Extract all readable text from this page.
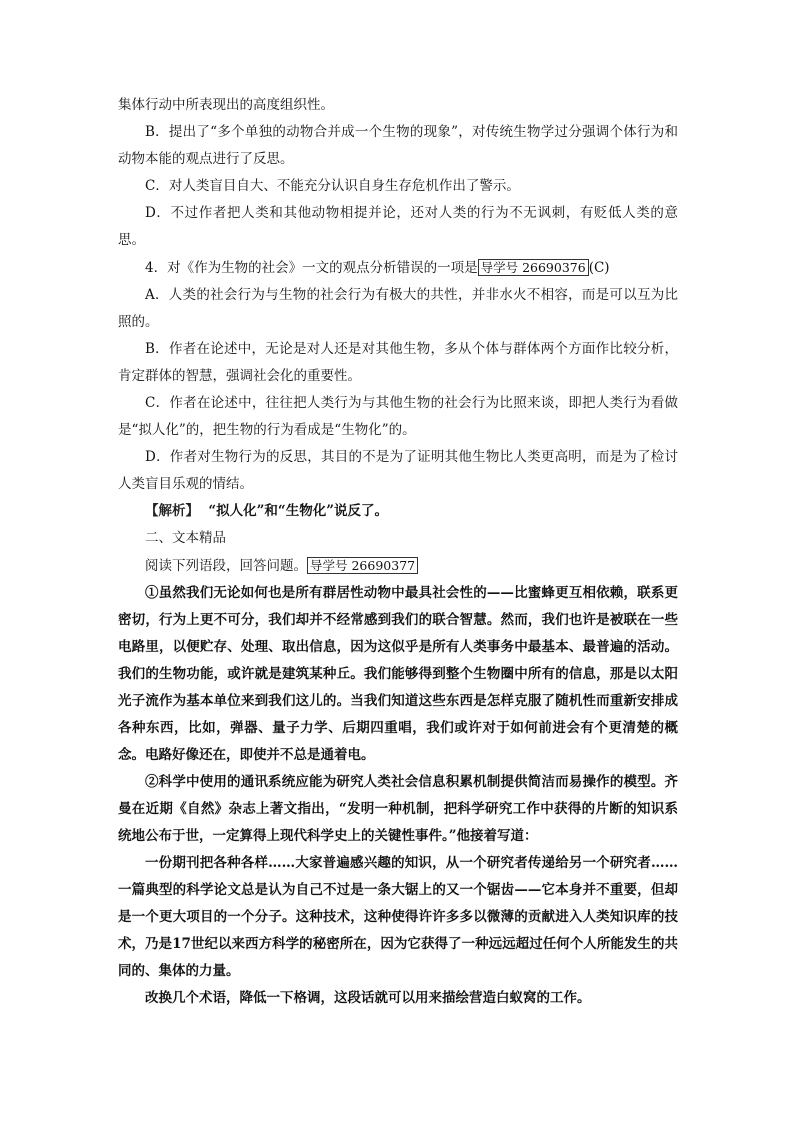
集体行动中所表现出的高度组织性。

B．提出了“多个单独的动物合并成一个生物的现象”，对传统生物学过分强调个体行为和动物本能的观点进行了反思。

C．对人类盲目自大、不能充分认识自身生存危机作出了警示。

D．不过作者把人类和其他动物相提并论，还对人类的行为不无讽刺，有贬低人类的意思。

4．对《作为生物的社会》一文的观点分析错误的一项是 导学号 26690376 (C)

A．人类的社会行为与生物的社会行为有极大的共性，并非水火不相容，而是可以互为比照的。

B．作者在论述中，无论是对人还是对其他生物，多从个体与群体两个方面作比较分析，肯定群体的智慧，强调社会化的重要性。

C．作者在论述中，往往把人类行为与其他生物的社会行为比照来谈，即把人类行为看做是“拟人化”的，把生物的行为看成是“生物化”的。

D．作者对生物行为的反思，其目的不是为了证明其他生物比人类更高明，而是为了检讨人类盲目乐观的情结。

【解析】 “拟人化”和“生物化”说反了。

二、文本精品

阅读下列语段，回答问题。 导学号 26690377

①虽然我们无论如何也是所有群居性动物中最具社会性的——比蜜蜂更互相依赖，联系更密切，行为上更不可分，我们却并不经常感到我们的联合智慧。然而，我们也许是被联在一些电路里，以便贮存、处理、取出信息，因为这似乎是所有人类事务中最基本、最普遍的活动。我们的生物功能，或许就是建筑某种丘。我们能够得到整个生物圈中所有的信息，那是以太阳光子流作为基本单位来到我们这儿的。当我们知道这些东西是怎样克服了随机性而重新安排成各种东西，比如，弹器、量子力学、后期四重唱，我们或许对于如何前进会有个更清楚的概念。电路好像还在，即使并不总是通着电。

②科学中使用的通讯系统应能为研究人类社会信息积累机制提供简洁而易操作的模型。齐曼在近期《自然》杂志上著文指出，“发明一种机制，把科学研究工作中获得的片断的知识系统地公布于世，一定算得上现代科学史上的关键性事件。”他接着写道：

一份期刊把各种各样……大家普遍感兴趣的知识，从一个研究者传递给另一个研究者……一篇典型的科学论文总是认为自己不过是一条大锯上的又一个锯齿——它本身并不重要，但却是一个更大项目的一个分子。这种技术，这种使得许许多多以微薄的贡献进入人类知识库的技术，乃是17世纪以来西方科学的秘密所在，因为它获得了一种远远超过任何个人所能发生的共同的、集体的力量。

改换几个术语，降低一下格调，这段话就可以用来描绘营造白蚁窝的工作。
